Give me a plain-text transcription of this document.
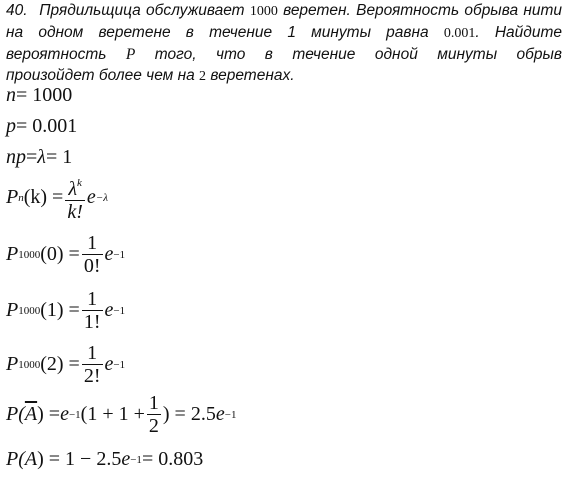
40. Прядильщица обслуживает 1000 веретен. Вероятность обрыва нити
на одном веретене в течение 1 минуты равна 0.001. Найдите
вероятность P того, что в течение одной минуты обрыв
произойдет более чем на 2 веретенах.
n = 1000
p = 0.001
np = λ = 1
P n $(k) = \frac{\lambda^k}{k!}$ e −λ
P 1000 $(0) = \frac{1}{0!}$ e −1
P 1000 $(1) = \frac{1}{1!}$ e −1
P 1000 $(2) = \frac{1}{2!}$ e −1
P( $\overline{A}$ ) = e −1 ($1 + 1 + \frac{1}{2}$ ) = 2.5 e −1
P( A ) = 1 − 2.5 e −1 = 0.803
